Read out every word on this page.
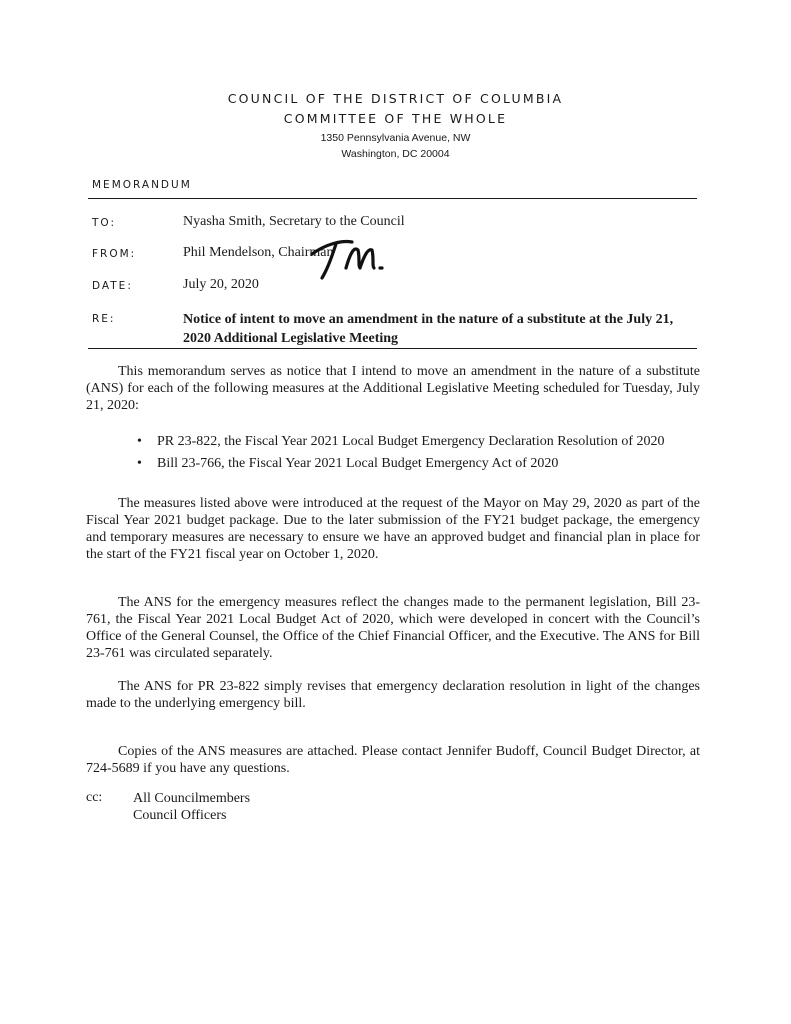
COUNCIL OF THE DISTRICT OF COLUMBIA
COMMITTEE OF THE WHOLE
1350 Pennsylvania Avenue, NW
Washington, DC 20004
MEMORANDUM
TO:	Nyasha Smith, Secretary to the Council
FROM:	Phil Mendelson, Chairman
DATE:	July 20, 2020
RE:	Notice of intent to move an amendment in the nature of a substitute at the July 21, 2020 Additional Legislative Meeting

This memorandum serves as notice that I intend to move an amendment in the nature of a substitute (ANS) for each of the following measures at the Additional Legislative Meeting scheduled for Tuesday, July 21, 2020:

• PR 23-822, the Fiscal Year 2021 Local Budget Emergency Declaration Resolution of 2020
• Bill 23-766, the Fiscal Year 2021 Local Budget Emergency Act of 2020

The measures listed above were introduced at the request of the Mayor on May 29, 2020 as part of the Fiscal Year 2021 budget package. Due to the later submission of the FY21 budget package, the emergency and temporary measures are necessary to ensure we have an approved budget and financial plan in place for the start of the FY21 fiscal year on October 1, 2020.

The ANS for the emergency measures reflect the changes made to the permanent legislation, Bill 23-761, the Fiscal Year 2021 Local Budget Act of 2020, which were developed in concert with the Council’s Office of the General Counsel, the Office of the Chief Financial Officer, and the Executive. The ANS for Bill 23-761 was circulated separately.

The ANS for PR 23-822 simply revises that emergency declaration resolution in light of the changes made to the underlying emergency bill.

Copies of the ANS measures are attached. Please contact Jennifer Budoff, Council Budget Director, at 724-5689 if you have any questions.

cc: All Councilmembers
Council Officers
